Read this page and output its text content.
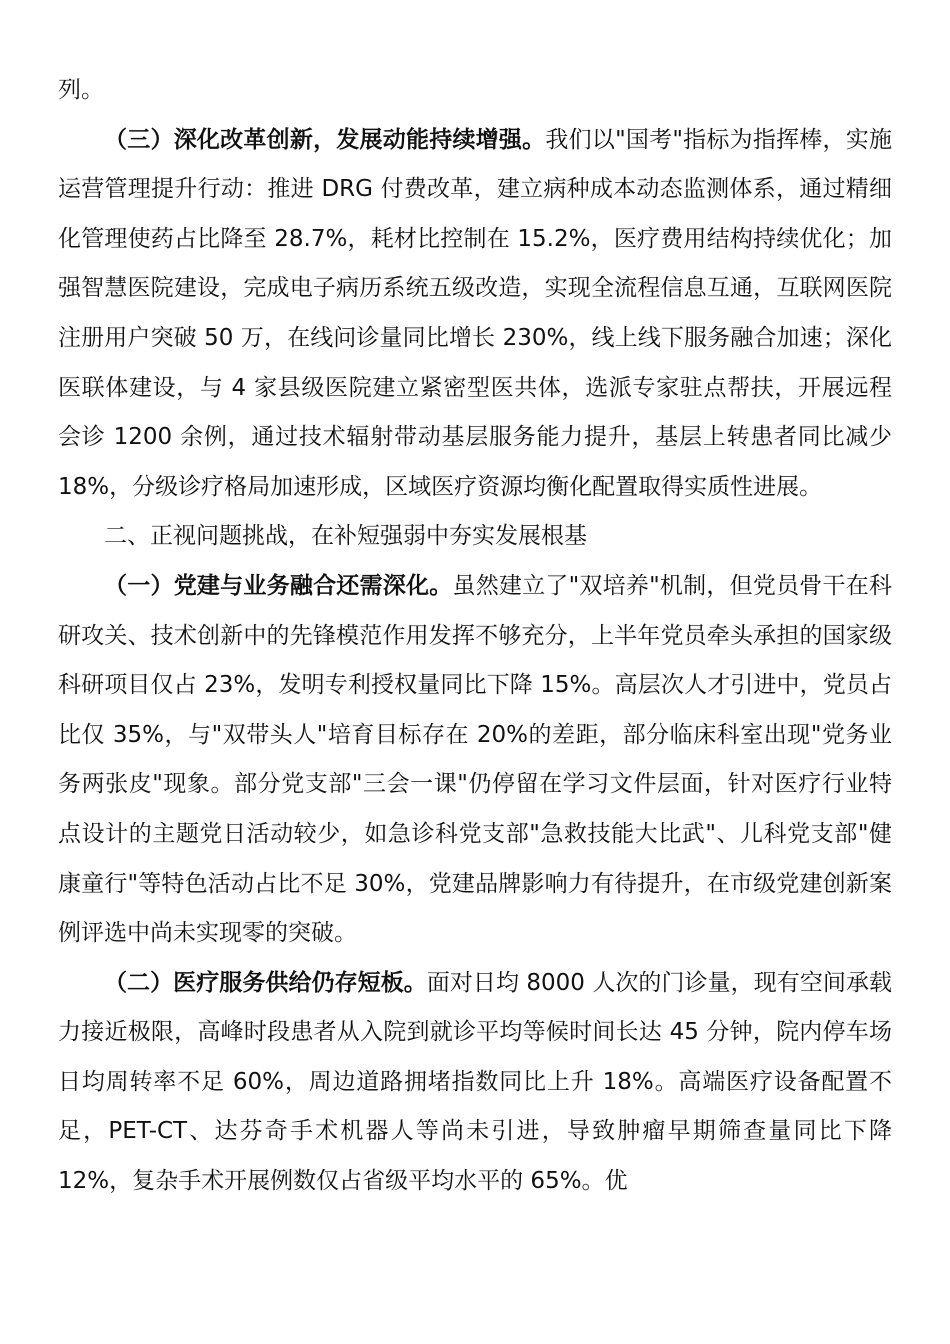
列。

（三）深化改革创新，发展动能持续增强。我们以"国考"指标为指挥棒，实施运营管理提升行动：推进 DRG 付费改革，建立病种成本动态监测体系，通过精细化管理使药占比降至 28.7%，耗材比控制在 15.2%，医疗费用结构持续优化；加强智慧医院建设，完成电子病历系统五级改造，实现全流程信息互通，互联网医院注册用户突破 50 万，在线问诊量同比增长 230%，线上线下服务融合加速；深化医联体建设，与 4 家县级医院建立紧密型医共体，选派专家驻点帮扶，开展远程会诊 1200 余例，通过技术辐射带动基层服务能力提升，基层上转患者同比减少 18%，分级诊疗格局加速形成，区域医疗资源均衡化配置取得实质性进展。

二、正视问题挑战，在补短强弱中夯实发展根基

（一）党建与业务融合还需深化。虽然建立了"双培养"机制，但党员骨干在科研攻关、技术创新中的先锋模范作用发挥不够充分，上半年党员牵头承担的国家级科研项目仅占 23%，发明专利授权量同比下降 15%。高层次人才引进中，党员占比仅 35%，与"双带头人"培育目标存在 20%的差距，部分临床科室出现"党务业务两张皮"现象。部分党支部"三会一课"仍停留在学习文件层面，针对医疗行业特点设计的主题党日活动较少，如急诊科党支部"急救技能大比武"、儿科党支部"健康童行"等特色活动占比不足 30%，党建品牌影响力有待提升，在市级党建创新案例评选中尚未实现零的突破。

（二）医疗服务供给仍存短板。面对日均 8000 人次的门诊量，现有空间承载力接近极限，高峰时段患者从入院到就诊平均等候时间长达 45 分钟，院内停车场日均周转率不足 60%，周边道路拥堵指数同比上升 18%。高端医疗设备配置不足，PET-CT、达芬奇手术机器人等尚未引进，导致肿瘤早期筛查量同比下降 12%，复杂手术开展例数仅占省级平均水平的 65%。优
